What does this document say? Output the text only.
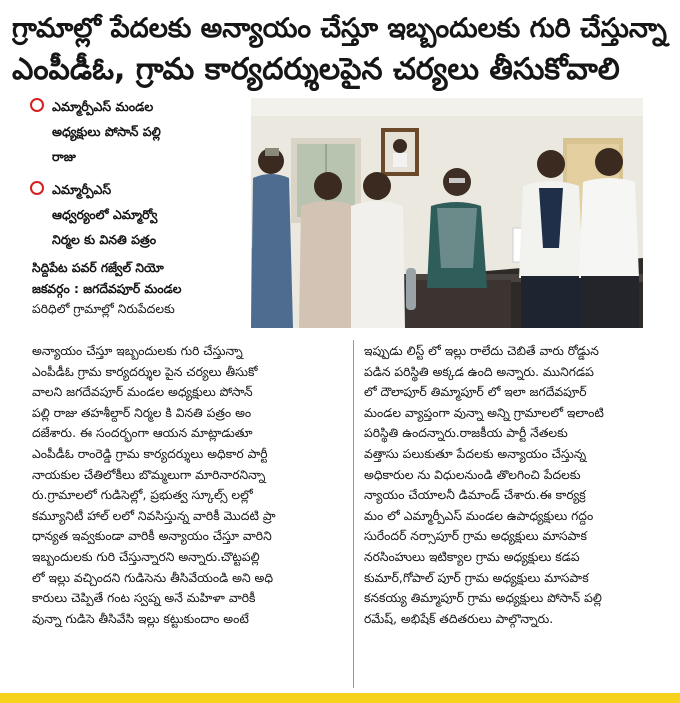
గ్రామాల్లో పేదలకు అన్యాయం చేస్తూ ఇబ్బందులకు గురి చేస్తున్నా
ఎంపీడీఓ, గ్రామ కార్యదర్శులపైన చర్యలు తీసుకోవాలి
ఎమ్మార్పీఎస్ మండల
అధ్యక్షులు పోసాన్ పల్లి
రాజు
ఎమ్మార్పీఎస్
ఆధ్వర్యంలో ఎమ్మార్వో
నిర్మల కు వినతి పత్రం
సిద్దిపేట పవర్ గజ్వేల్ నియో
జకవర్గం : జగదేవపూర్ మండల
పరిధిలో గ్రామాల్లో నిరుపేదలకు
అన్యాయం చేస్తూ ఇబ్బందులకు గురి చేస్తున్నా
ఎంపీడీఓ గ్రామ కార్యదర్శుల పైన చర్యలు తీసుకో
వాలని జగదేవపూర్ మండల అధ్యక్షులు పోసాన్
పల్లి రాజు తహశీల్దార్ నిర్మల కి వినతి పత్రం అం
దజేశారు. ఈ సందర్భంగా ఆయన మాట్లాడుతూ
ఎంపీడీఓ రాంరెడ్డి గ్రామ కార్యదర్శులు అధికార పార్టీ
నాయకుల చేతిలోకీలు బొమ్మలుగా మారినారనిన్నా
రు.గ్రామాలలో గుడిసెల్లో, ప్రభుత్వ స్కూల్స్ లల్లో
కమ్యూనిటీ హాల్ లలో నివసిస్తున్న వారికీ మొదటి ప్రా
ధాన్యత ఇవ్వకుండా వారికీ అన్యాయం చేస్తూ వారిని
ఇబ్బందులకు గురి చేస్తున్నారని అన్నారు.చొట్టపల్లి
లో ఇల్లు వచ్చిందని గుడిసెను తీసివేయండి అని అధి
కారులు చెప్పితే గంట స్వప్న అనే మహిళా వారికీ
వున్నా గుడిసె తీసివేసి ఇల్లు కట్టుకుందాం అంటే
ఇప్పుడు లిస్ట్ లో ఇల్లు రాలేదు చెబితే వారు రోడ్డున
పడిన పరిస్థితి అక్కడ ఉంది అన్నారు. మునిగడప
లో దౌలాపూర్ తిమ్మాపూర్ లో ఇలా జగదేవపూర్
మండల వ్యాప్తంగా వున్నా అన్ని గ్రామాలలో ఇలాంటి
పరిస్థితి ఉందన్నారు.రాజకీయ పార్టీ నేతలకు
వత్తాసు పలుకుతూ పేదలకు అన్యాయం చేస్తున్న
అధికారుల ను విధులనుండి తొలగించి పేదలకు
న్యాయం చేయాలనీ డిమాండ్ చేశారు.ఈ కార్యక్ర
మం లో ఎమ్మార్పీఎస్ మండల ఉపాధ్యక్షులు గద్దం
సురేందర్ నర్సాపూర్ గ్రామ అధ్యక్షులు మాసపాక
నరసింహులు ఇటిక్యాల గ్రామ అధ్యక్షులు కడప
కుమార్,గోపాల్ పూర్ గ్రామ అధ్యక్షులు మాసపాక
కనకయ్య తిమ్మాపూర్ గ్రామ అధ్యక్షులు పోసాన్ పల్లి
రమేష్, అభిషేక్ తదితరులు పాల్గొన్నారు.
